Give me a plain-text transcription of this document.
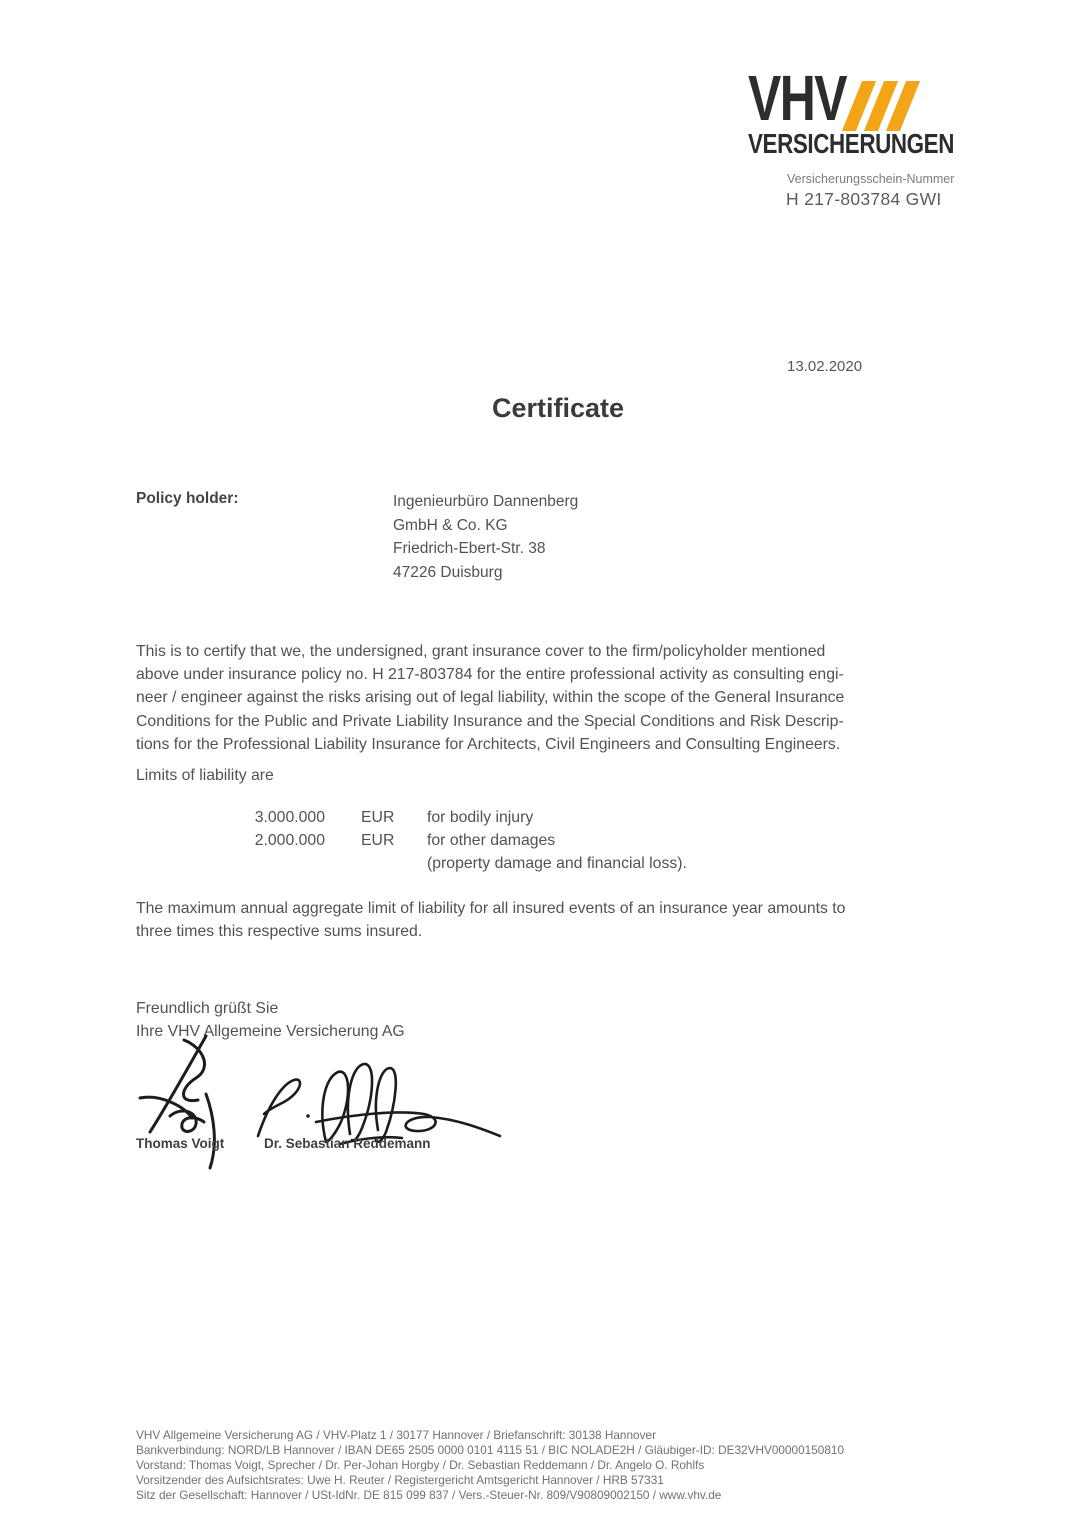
VHV
VERSICHERUNGEN
Versicherungsschein-Nummer
H 217-803784 GWI
13.02.2020
Certificate
Policy holder:	Ingenieurbüro Dannenberg
GmbH & Co. KG
Friedrich-Ebert-Str. 38
47226 Duisburg
This is to certify that we, the undersigned, grant insurance cover to the firm/policyholder mentioned
above under insurance policy no. H 217-803784 for the entire professional activity as consulting engi-
neer / engineer against the risks arising out of legal liability, within the scope of the General Insurance
Conditions for the Public and Private Liability Insurance and the Special Conditions and Risk Descrip-
tions for the Professional Liability Insurance for Architects, Civil Engineers and Consulting Engineers.
Limits of liability are
3.000.000 EUR	for bodily injury
2.000.000 EUR	for other damages
(property damage and financial loss).
The maximum annual aggregate limit of liability for all insured events of an insurance year amounts to
three times this respective sums insured.
Freundlich grüßt Sie
Ihre VHV Allgemeine Versicherung AG
Thomas Voigt	Dr. Sebastian Reddemann
VHV Allgemeine Versicherung AG / VHV-Platz 1 / 30177 Hannover / Briefanschrift: 30138 Hannover
Bankverbindung: NORD/LB Hannover / IBAN DE65 2505 0000 0101 4115 51 / BIC NOLADE2H / Gläubiger-ID: DE32VHV00000150810
Vorstand: Thomas Voigt, Sprecher / Dr. Per-Johan Horgby / Dr. Sebastian Reddemann / Dr. Angelo O. Rohlfs
Vorsitzender des Aufsichtsrates: Uwe H. Reuter / Registergericht Amtsgericht Hannover / HRB 57331
Sitz der Gesellschaft: Hannover / USt-IdNr. DE 815 099 837 / Vers.-Steuer-Nr. 809/V90809002150 / www.vhv.de
